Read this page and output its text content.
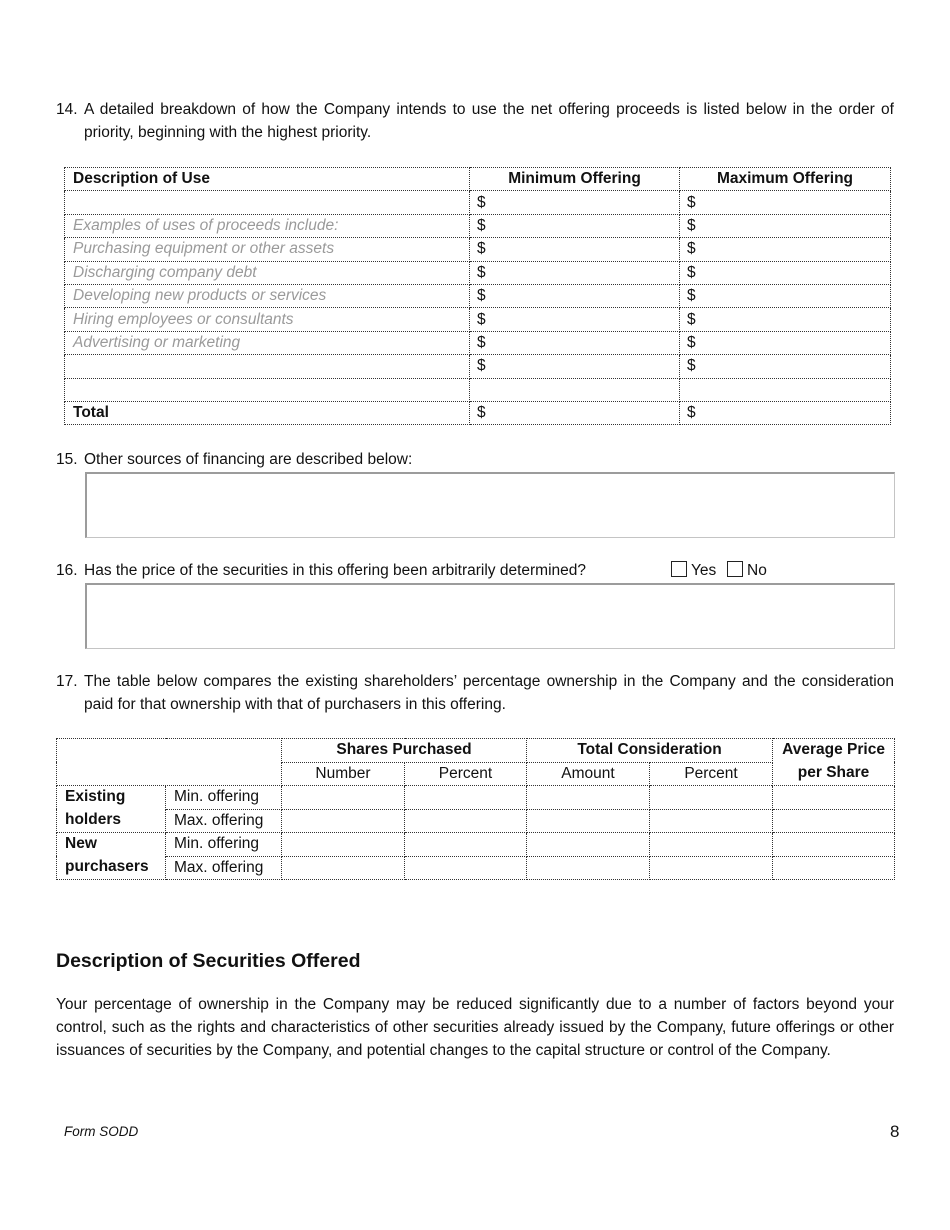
14. A detailed breakdown of how the Company intends to use the net offering proceeds is listed below in the order of priority, beginning with the highest priority.
Description of Use	Minimum Offering	Maximum Offering
	$	$
Examples of uses of proceeds include:	$	$
Purchasing equipment or other assets	$	$
Discharging company debt	$	$
Developing new products or services	$	$
Hiring employees or consultants	$	$
Advertising or marketing	$	$
	$	$

Total	$	$
15. Other sources of financing are described below:
16. Has the price of the securities in this offering been arbitrarily determined?	Yes	No
17. The table below compares the existing shareholders’ percentage ownership in the Company and the consideration paid for that ownership with that of purchasers in this offering.
		Shares Purchased		Total Consideration		Average Price per Share
		Number	Percent	Amount	Percent	
Existing holders	Min. offering					
	Max. offering					
New purchasers	Min. offering					
	Max. offering					
Description of Securities Offered
Your percentage of ownership in the Company may be reduced significantly due to a number of factors beyond your control, such as the rights and characteristics of other securities already issued by the Company, future offerings or other issuances of securities by the Company, and potential changes to the capital structure or control of the Company.
Form SODD	8
